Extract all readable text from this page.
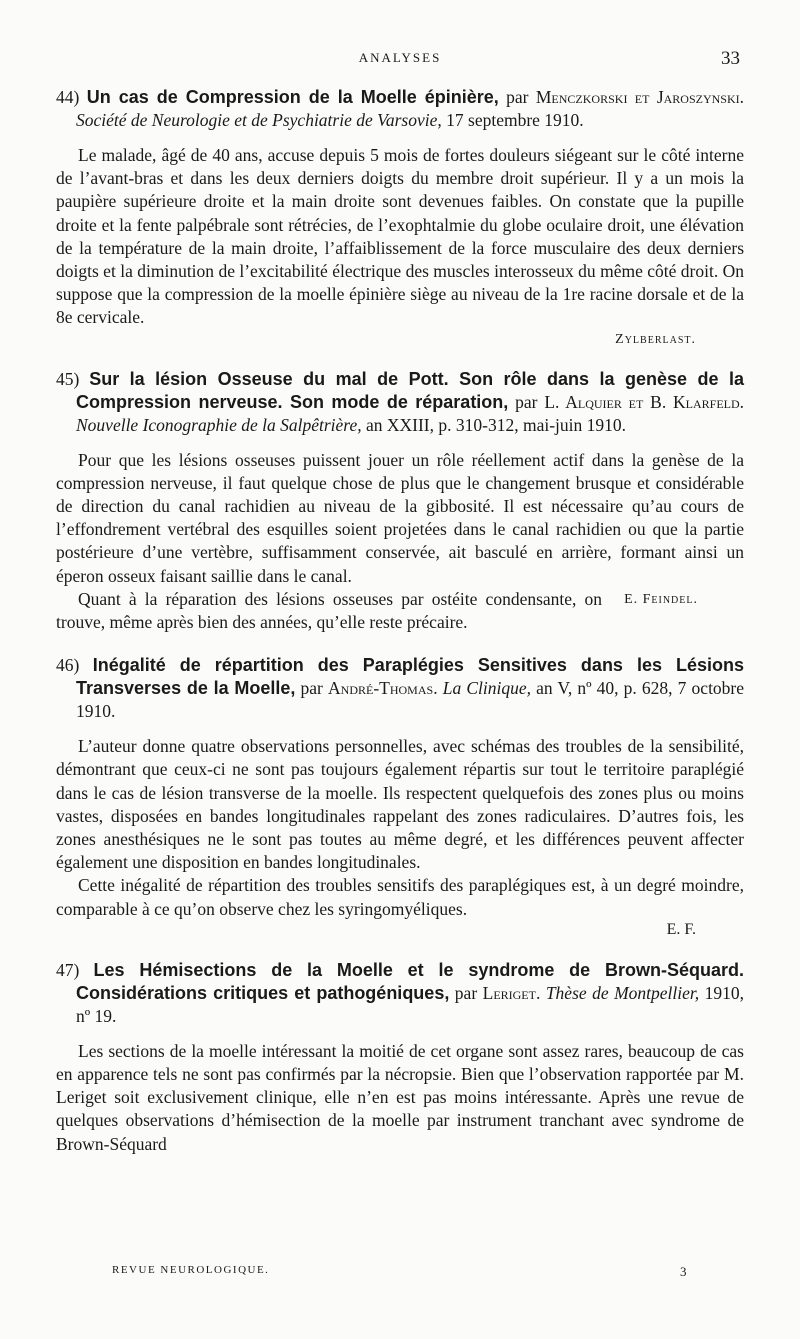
ANALYSES	33
44) Un cas de Compression de la Moelle épinière, par Menczkorski et Jaroszynski. Société de Neurologie et de Psychiatrie de Varsovie, 17 septembre 1910.

Le malade, âgé de 40 ans, accuse depuis 5 mois de fortes douleurs siégeant sur le côté interne de l’avant-bras et dans les deux derniers doigts du membre droit supérieur. Il y a un mois la paupière supérieure droite et la main droite sont devenues faibles. On constate que la pupille droite et la fente palpébrale sont rétrécies, de l’exophtalmie du globe oculaire droit, une élévation de la température de la main droite, l’affaiblissement de la force musculaire des deux derniers doigts et la diminution de l’excitabilité électrique des muscles interosseux du même côté droit. On suppose que la compression de la moelle épinière siège au niveau de la 1re racine dorsale et de la 8e cervicale.

Zylberlast.
45) Sur la lésion Osseuse du mal de Pott. Son rôle dans la genèse de la Compression nerveuse. Son mode de réparation, par L. Alquier et B. Klarfeld. Nouvelle Iconographie de la Salpêtrière, an XXIII, p. 310-312, mai-juin 1910.

Pour que les lésions osseuses puissent jouer un rôle réellement actif dans la genèse de la compression nerveuse, il faut quelque chose de plus que le changement brusque et considérable de direction du canal rachidien au niveau de la gibbosité. Il est nécessaire qu’au cours de l’effondrement vertébral des esquilles soient projetées dans le canal rachidien ou que la partie postérieure d’une vertèbre, suffisamment conservée, ait basculé en arrière, formant ainsi un éperon osseux faisant saillie dans le canal.

E. Feindel.
Quant à la réparation des lésions osseuses par ostéite condensante, on trouve, même après bien des années, qu’elle reste précaire.

46) Inégalité de répartition des Paraplégies Sensitives dans les Lésions Transverses de la Moelle, par André-Thomas. La Clinique, an V, nº 40, p. 628, 7 octobre 1910.

L’auteur donne quatre observations personnelles, avec schémas des troubles de la sensibilité, démontrant que ceux-ci ne sont pas toujours également répartis sur tout le territoire paraplégié dans le cas de lésion transverse de la moelle. Ils respectent quelquefois des zones plus ou moins vastes, disposées en bandes longitudinales rappelant des zones radiculaires. D’autres fois, les zones anesthésiques ne le sont pas toutes au même degré, et les différences peuvent affecter également une disposition en bandes longitudinales.

Cette inégalité de répartition des troubles sensitifs des paraplégiques est, à un degré moindre, comparable à ce qu’on observe chez les syringomyéliques.

E. F.
47) Les Hémisections de la Moelle et le syndrome de Brown-Séquard. Considérations critiques et pathogéniques, par Leriget. Thèse de Montpellier, 1910, nº 19.

Les sections de la moelle intéressant la moitié de cet organe sont assez rares, beaucoup de cas en apparence tels ne sont pas confirmés par la nécropsie. Bien que l’observation rapportée par M. Leriget soit exclusivement clinique, elle n’en est pas moins intéressante. Après une revue de quelques observations d’hémisection de la moelle par instrument tranchant avec syndrome de Brown-Séquard

REVUE NEUROLOGIQUE.	3
